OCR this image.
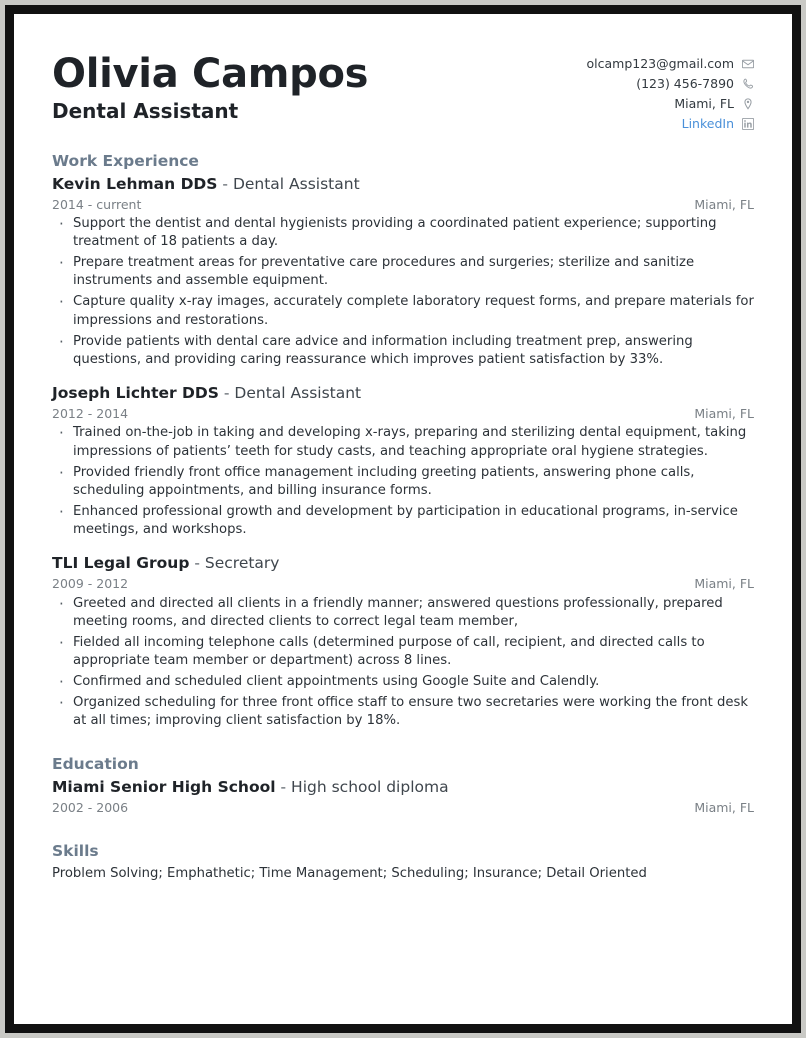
Olivia Campos
Dental Assistant
olcamp123@gmail.com
(123) 456-7890
Miami, FL
LinkedIn
Work Experience

Kevin Lehman DDS - Dental Assistant

2014 - current	Miami, FL
· Support the dentist and dental hygienists providing a coordinated patient experience; supporting treatment of 18 patients a day.
· Prepare treatment areas for preventative care procedures and surgeries; sterilize and sanitize instruments and assemble equipment.
· Capture quality x-ray images, accurately complete laboratory request forms, and prepare materials for impressions and restorations.
· Provide patients with dental care advice and information including treatment prep, answering questions, and providing caring reassurance which improves patient satisfaction by 33%.

Joseph Lichter DDS - Dental Assistant

2012 - 2014	Miami, FL
· Trained on-the-job in taking and developing x-rays, preparing and sterilizing dental equipment, taking impressions of patients’ teeth for study casts, and teaching appropriate oral hygiene strategies.
· Provided friendly front office management including greeting patients, answering phone calls, scheduling appointments, and billing insurance forms.
· Enhanced professional growth and development by participation in educational programs, in-service meetings, and workshops.

TLI Legal Group - Secretary

2009 - 2012	Miami, FL
· Greeted and directed all clients in a friendly manner; answered questions professionally, prepared meeting rooms, and directed clients to correct legal team member,
· Fielded all incoming telephone calls (determined purpose of call, recipient, and directed calls to appropriate team member or department) across 8 lines.
· Confirmed and scheduled client appointments using Google Suite and Calendly.
· Organized scheduling for three front office staff to ensure two secretaries were working the front desk at all times; improving client satisfaction by 18%.
Education

Miami Senior High School - High school diploma

2002 - 2006	Miami, FL
Skills

Problem Solving; Emphathetic; Time Management; Scheduling; Insurance; Detail Oriented
